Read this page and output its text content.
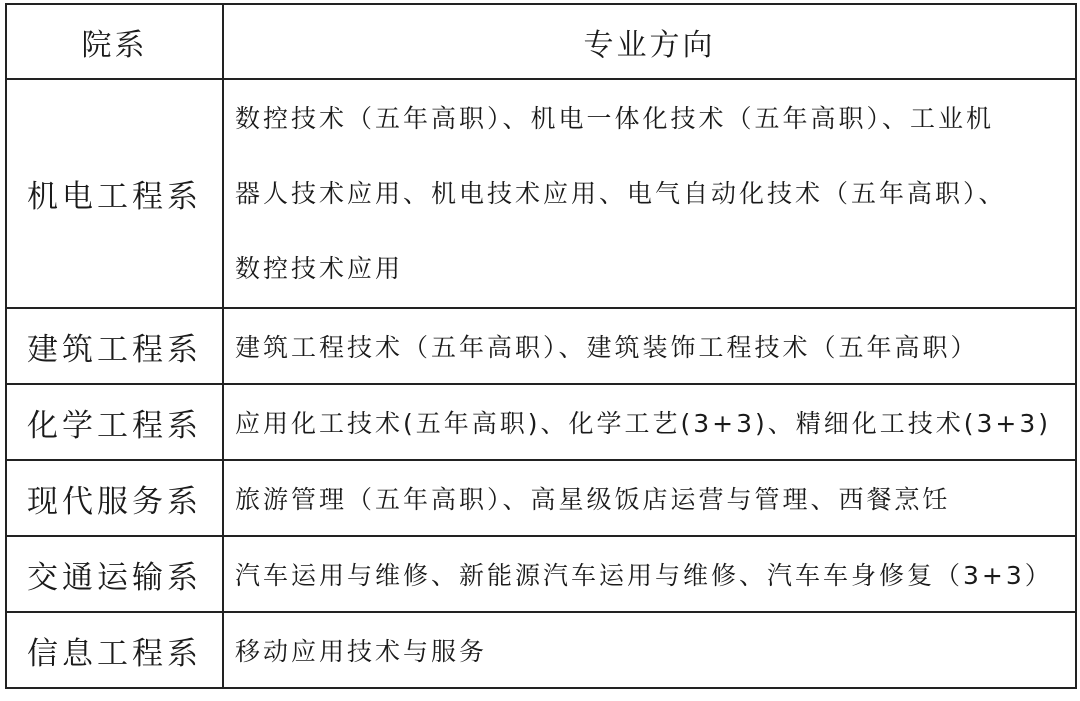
院系	专业方向
机电工程系	数控技术（五年高职）、机电一体化技术（五年高职）、工业机
器人技术应用、机电技术应用、电气自动化技术（五年高职）、
数控技术应用

建筑工程系	建筑工程技术（五年高职）、建筑装饰工程技术（五年高职）
化学工程系	应用化工技术(五年高职)、化学工艺(3+3)、精细化工技术(3+3)
现代服务系	旅游管理（五年高职）、高星级饭店运营与管理、西餐烹饪
交通运输系	汽车运用与维修、新能源汽车运用与维修、汽车车身修复（3+3）
信息工程系	移动应用技术与服务
